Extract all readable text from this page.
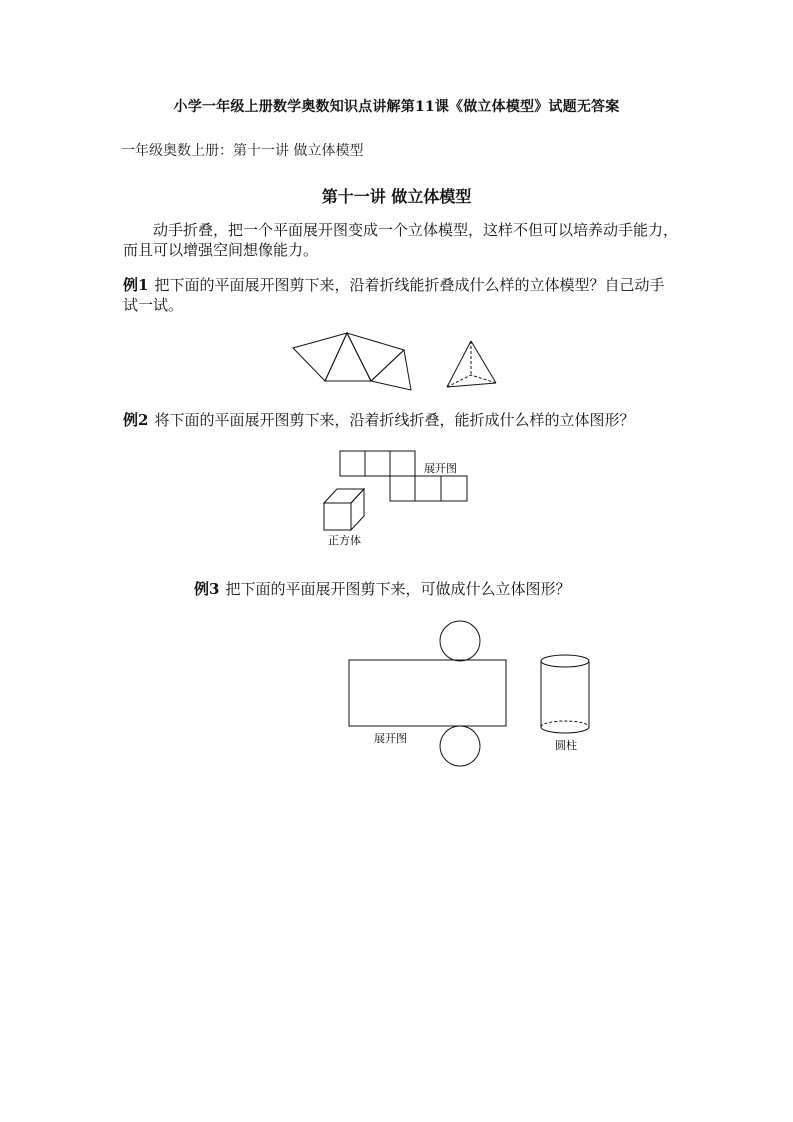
小学一年级上册数学奥数知识点讲解第11课《做立体模型》试题无答案
一年级奥数上册：第十一讲 做立体模型
第十一讲 做立体模型
动手折叠，把一个平面展开图变成一个立体模型，这样不但可以培养动手能力，而且可以增强空间想像能力。
例1 把下面的平面展开图剪下来，沿着折线能折叠成什么样的立体模型？自己动手试一试。
例2 将下面的平面展开图剪下来，沿着折线折叠，能折成什么样的立体图形？
例3 把下面的平面展开图剪下来，可做成什么立体图形？
展开图
正方体
展开图
圆柱
